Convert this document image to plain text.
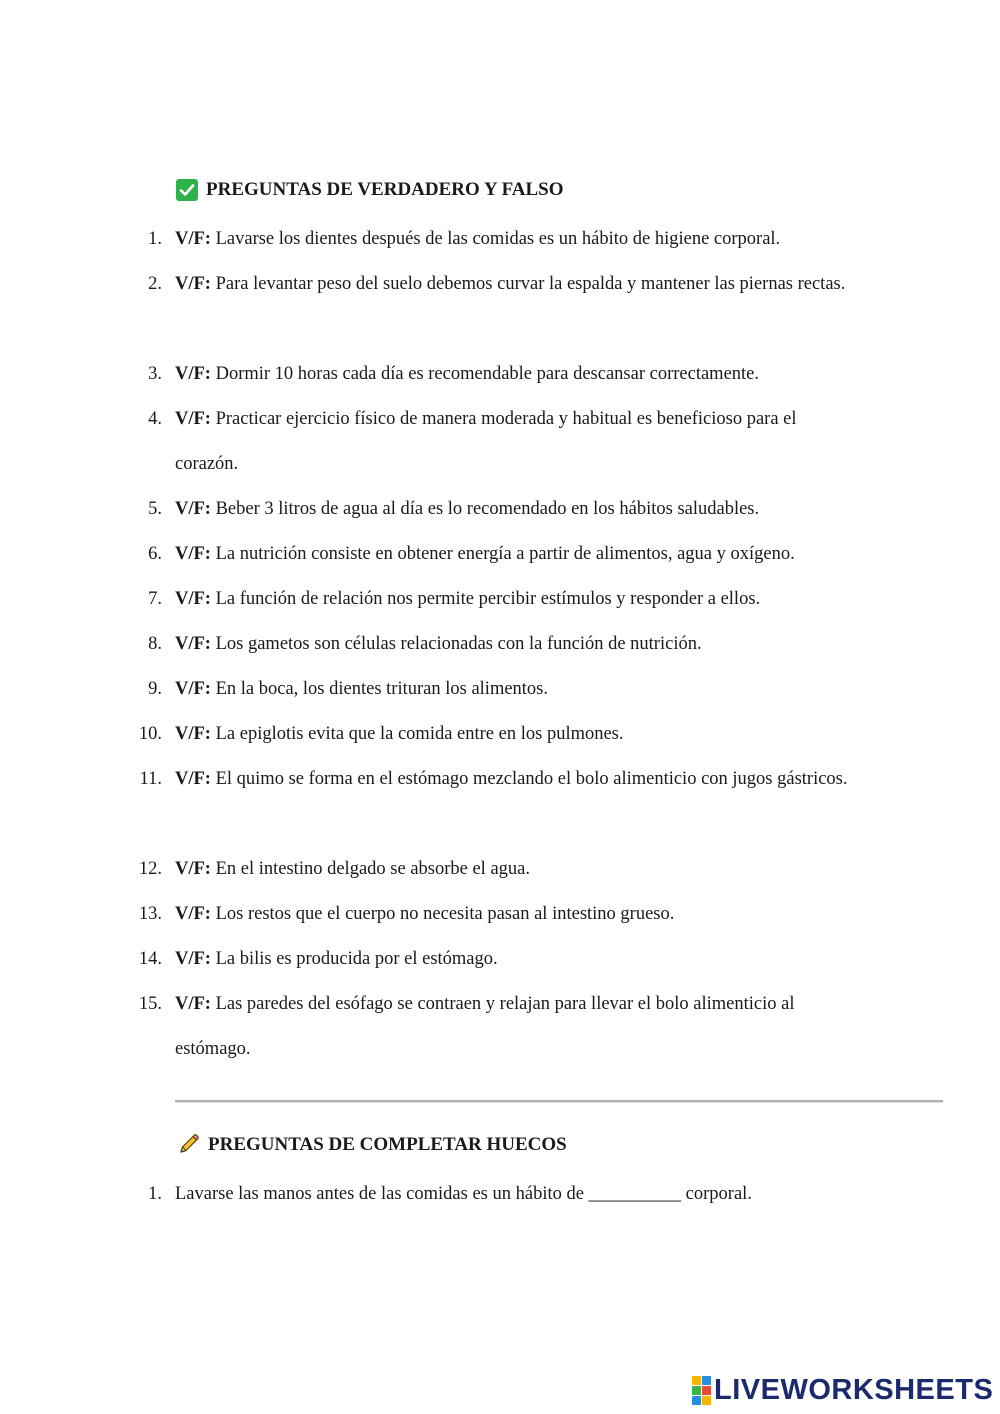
PREGUNTAS DE VERDADERO Y FALSO
1. V/F: Lavarse los dientes después de las comidas es un hábito de higiene corporal.
2. V/F: Para levantar peso del suelo debemos curvar la espalda y mantener las piernas rectas.
3. V/F: Dormir 10 horas cada día es recomendable para descansar correctamente.
4. V/F: Practicar ejercicio físico de manera moderada y habitual es beneficioso para el corazón.
5. V/F: Beber 3 litros de agua al día es lo recomendado en los hábitos saludables.
6. V/F: La nutrición consiste en obtener energía a partir de alimentos, agua y oxígeno.
7. V/F: La función de relación nos permite percibir estímulos y responder a ellos.
8. V/F: Los gametos son células relacionadas con la función de nutrición.
9. V/F: En la boca, los dientes trituran los alimentos.
10. V/F: La epiglotis evita que la comida entre en los pulmones.
11. V/F: El quimo se forma en el estómago mezclando el bolo alimenticio con jugos gástricos.
12. V/F: En el intestino delgado se absorbe el agua.
13. V/F: Los restos que el cuerpo no necesita pasan al intestino grueso.
14. V/F: La bilis es producida por el estómago.
15. V/F: Las paredes del esófago se contraen y relajan para llevar el bolo alimenticio al estómago.
PREGUNTAS DE COMPLETAR HUECOS
1. Lavarse las manos antes de las comidas es un hábito de __________ corporal.
LIVEWORKSHEETS
